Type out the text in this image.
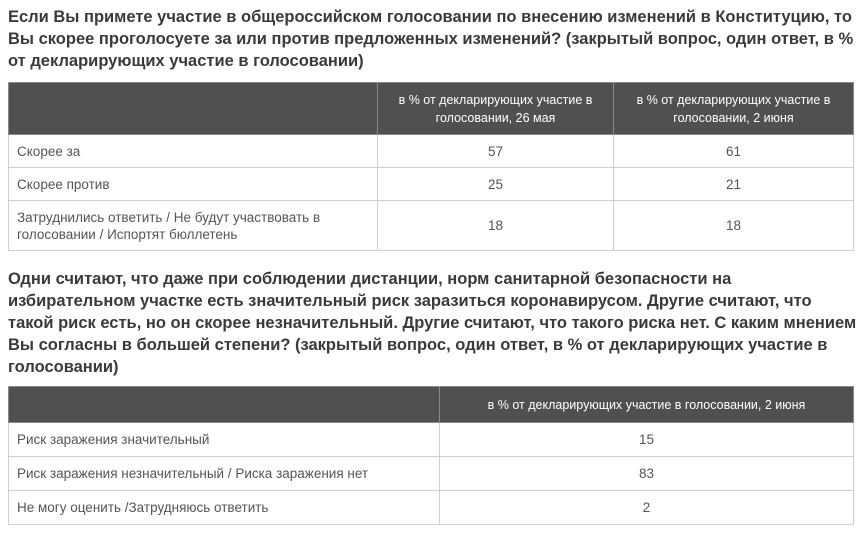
Если Вы примете участие в общероссийском голосовании по внесению изменений в Конституцию, то Вы скорее проголосуете за или против предложенных изменений? (закрытый вопрос, один ответ, в % от декларирующих участие в голосовании)
	в % от декларирующих участие в голосовании, 26 мая	в % от декларирующих участие в голосовании, 2 июня
Скорее за	57	61
Скорее против	25	21
Затруднились ответить / Не будут участвовать в голосовании / Испортят бюллетень	18	18
Одни считают, что даже при соблюдении дистанции, норм санитарной безопасности на избирательном участке есть значительный риск заразиться коронавирусом. Другие считают, что такой риск есть, но он скорее незначительный. Другие считают, что такого риска нет. С каким мнением Вы согласны в большей степени? (закрытый вопрос, один ответ, в % от декларирующих участие в голосовании)
	в % от декларирующих участие в голосовании, 2 июня
Риск заражения значительный	15
Риск заражения незначительный / Риска заражения нет	83
Не могу оценить /Затрудняюсь ответить	2
